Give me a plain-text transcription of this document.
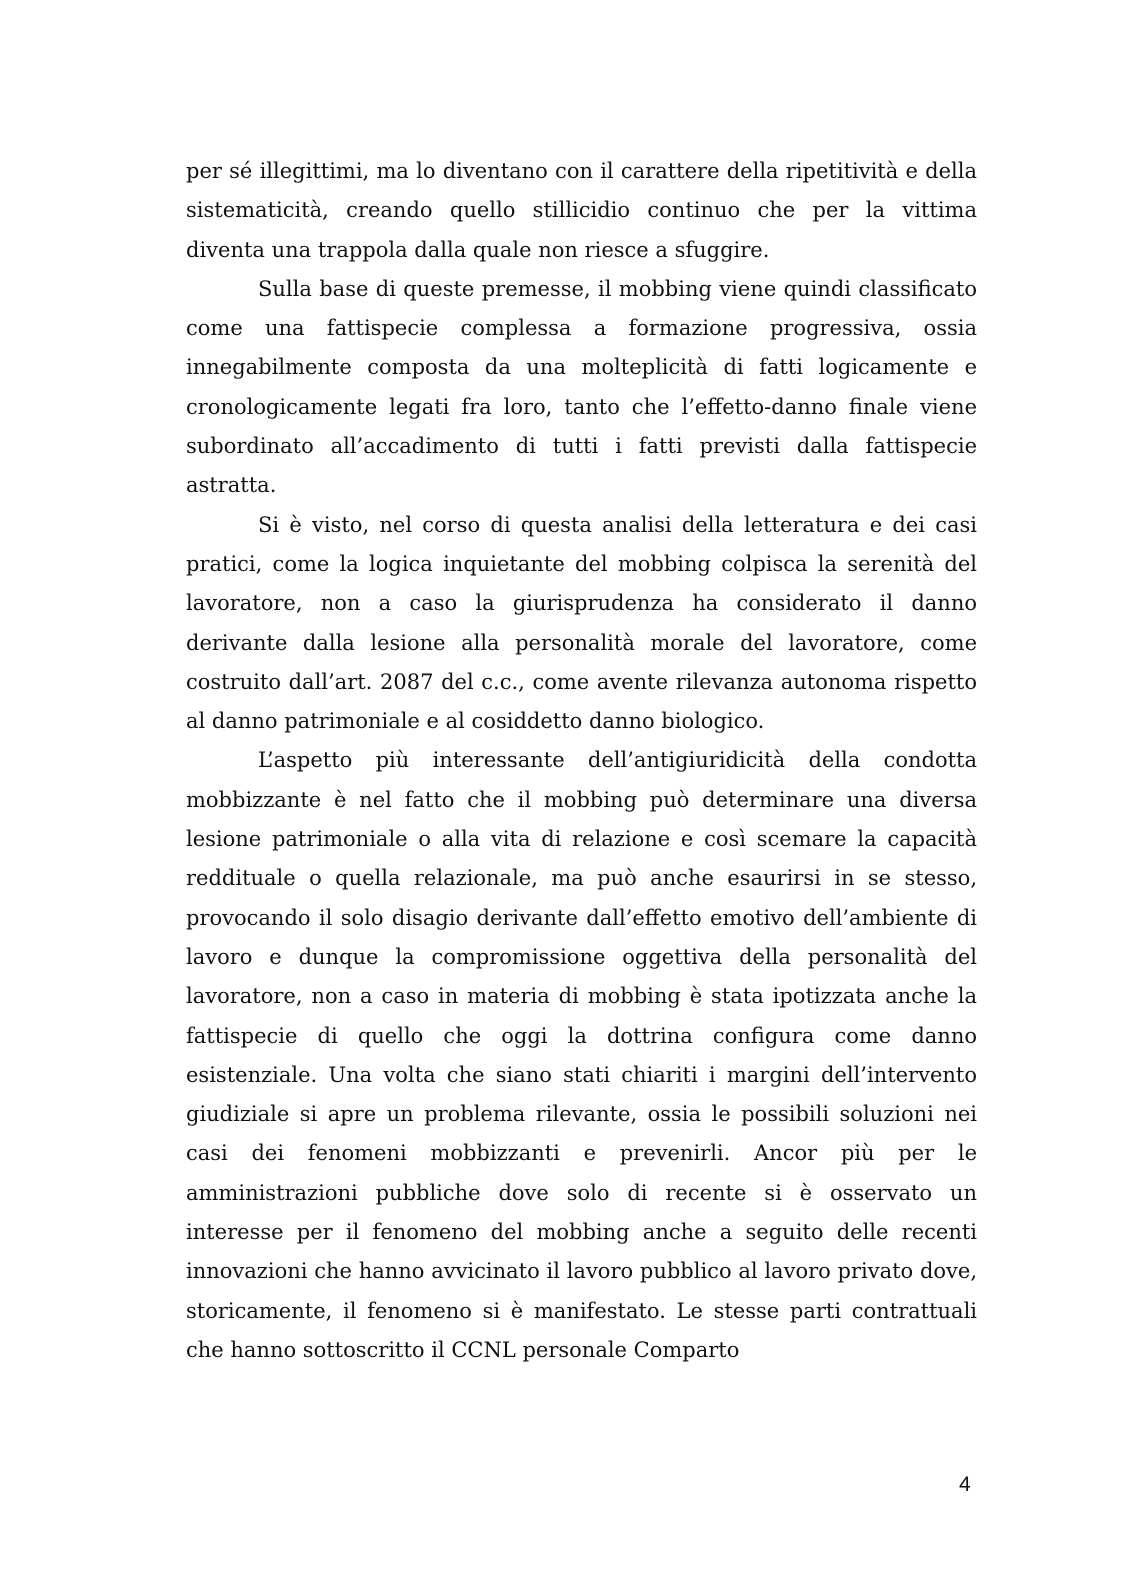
per sé illegittimi, ma lo diventano con il carattere della ripetitività e della sistematicità, creando quello stillicidio continuo che per la vittima diventa una trappola dalla quale non riesce a sfuggire.

Sulla base di queste premesse, il mobbing viene quindi classificato come una fattispecie complessa a formazione progressiva, ossia innegabilmente composta da una molteplicità di fatti logicamente e cronologicamente legati fra loro, tanto che l’effetto-danno finale viene subordinato all’accadimento di tutti i fatti previsti dalla fattispecie astratta.

Si è visto, nel corso di questa analisi della letteratura e dei casi pratici, come la logica inquietante del mobbing colpisca la serenità del lavoratore, non a caso la giurisprudenza ha considerato il danno derivante dalla lesione alla personalità morale del lavoratore, come costruito dall’art. 2087 del c.c., come avente rilevanza autonoma rispetto al danno patrimoniale e al cosiddetto danno biologico.

L’aspetto più interessante dell’antigiuridicità della condotta mobbizzante è nel fatto che il mobbing può determinare una diversa lesione patrimoniale o alla vita di relazione e così scemare la capacità reddituale o quella relazionale, ma può anche esaurirsi in se stesso, provocando il solo disagio derivante dall’effetto emotivo dell’ambiente di lavoro e dunque la compromissione oggettiva della personalità del lavoratore, non a caso in materia di mobbing è stata ipotizzata anche la fattispecie di quello che oggi la dottrina configura come danno esistenziale. Una volta che siano stati chiariti i margini dell’intervento giudiziale si apre un problema rilevante, ossia le possibili soluzioni nei casi dei fenomeni mobbizzanti e prevenirli. Ancor più per le amministrazioni pubbliche dove solo di recente si è osservato un interesse per il fenomeno del mobbing anche a seguito delle recenti innovazioni che hanno avvicinato il lavoro pubblico al lavoro privato dove, storicamente, il fenomeno si è manifestato. Le stesse parti contrattuali che hanno sottoscritto il CCNL personale Comparto

4
